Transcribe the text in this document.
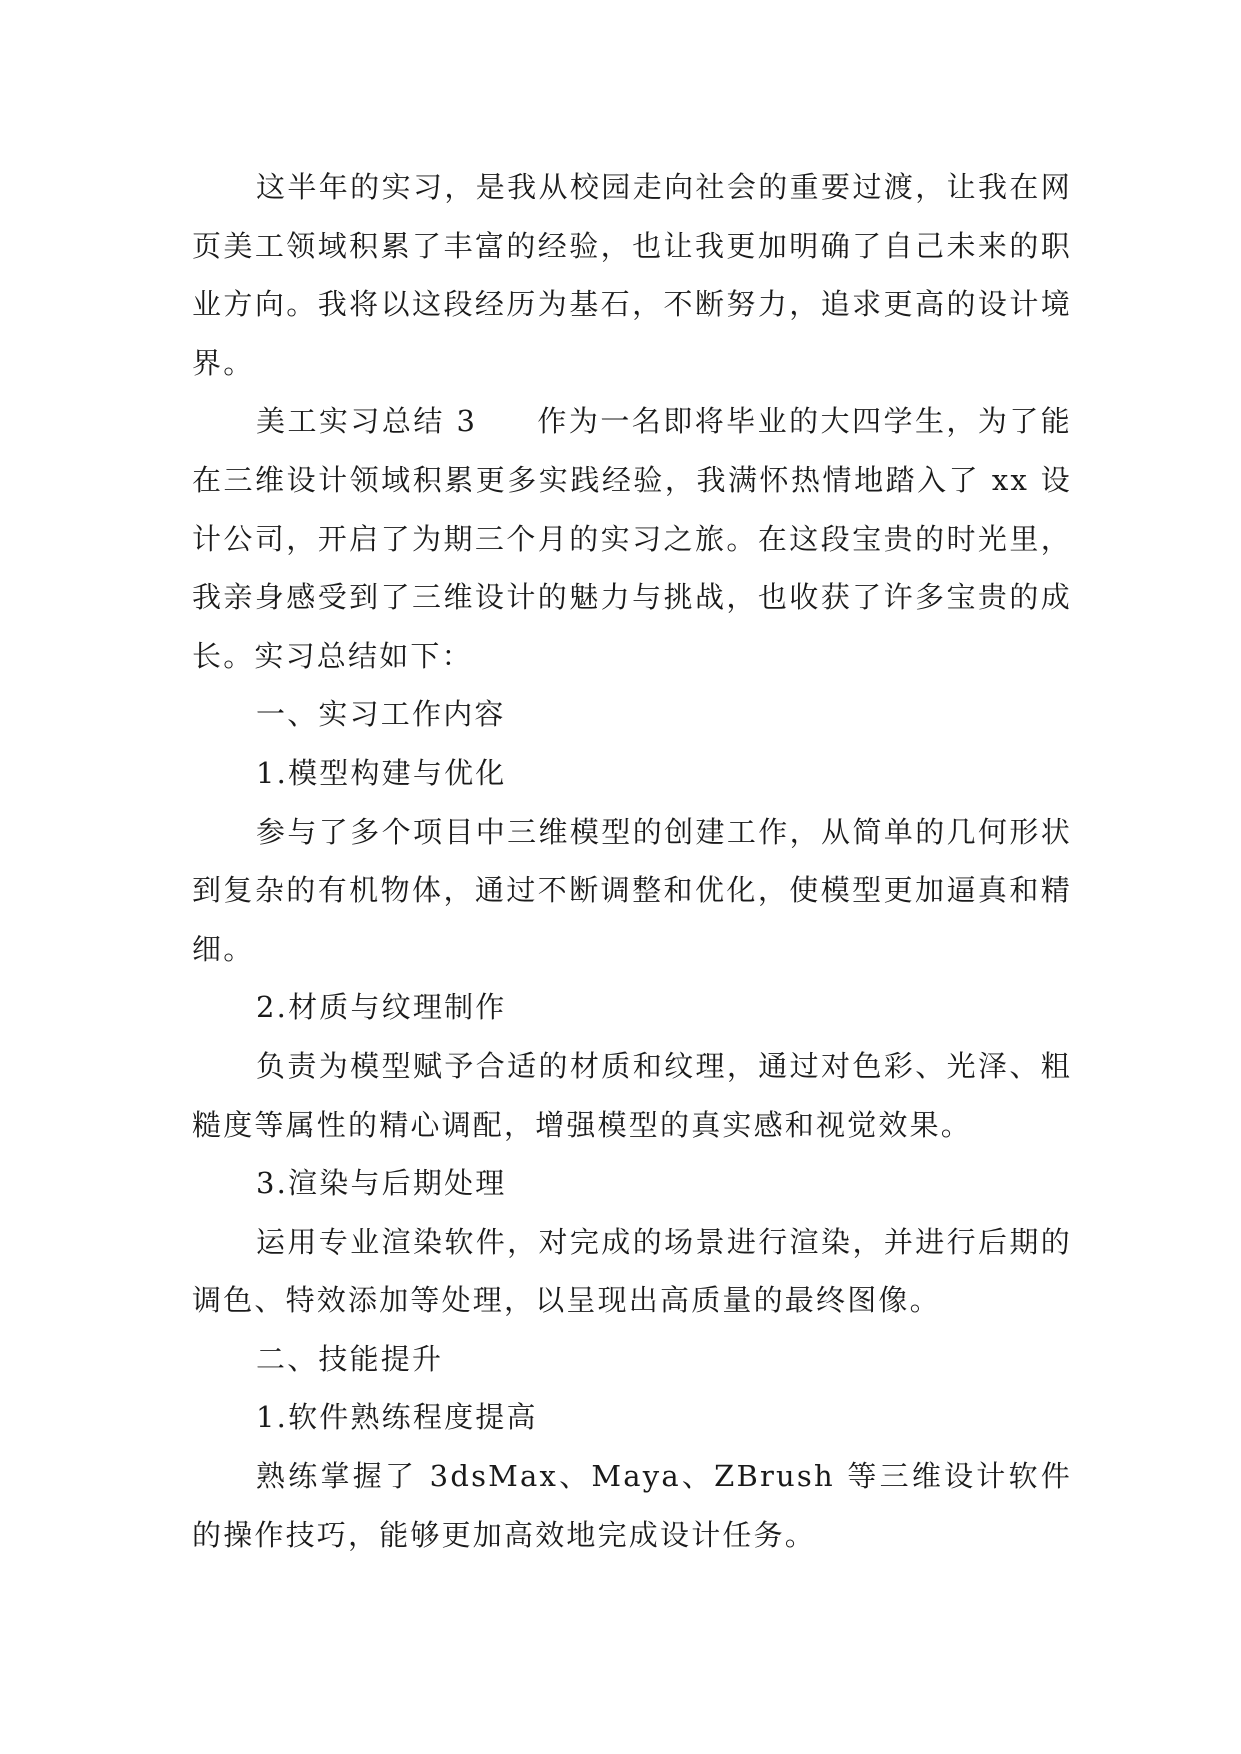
这半年的实习，是我从校园走向社会的重要过渡，让我在网页美工领域积累了丰富的经验，也让我更加明确了自己未来的职业方向。我将以这段经历为基石，不断努力，追求更高的设计境界。

美工实习总结 3 作为一名即将毕业的大四学生，为了能在三维设计领域积累更多实践经验，我满怀热情地踏入了 xx 设计公司，开启了为期三个月的实习之旅。在这段宝贵的时光里，我亲身感受到了三维设计的魅力与挑战，也收获了许多宝贵的成长。实习总结如下：

一、实习工作内容

1.模型构建与优化

参与了多个项目中三维模型的创建工作，从简单的几何形状到复杂的有机物体，通过不断调整和优化，使模型更加逼真和精细。

2.材质与纹理制作

负责为模型赋予合适的材质和纹理，通过对色彩、光泽、粗糙度等属性的精心调配，增强模型的真实感和视觉效果。

3.渲染与后期处理

运用专业渲染软件，对完成的场景进行渲染，并进行后期的调色、特效添加等处理，以呈现出高质量的最终图像。

二、技能提升

1.软件熟练程度提高

熟练掌握了 3dsMax、Maya、ZBrush 等三维设计软件的操作技巧，能够更加高效地完成设计任务。
